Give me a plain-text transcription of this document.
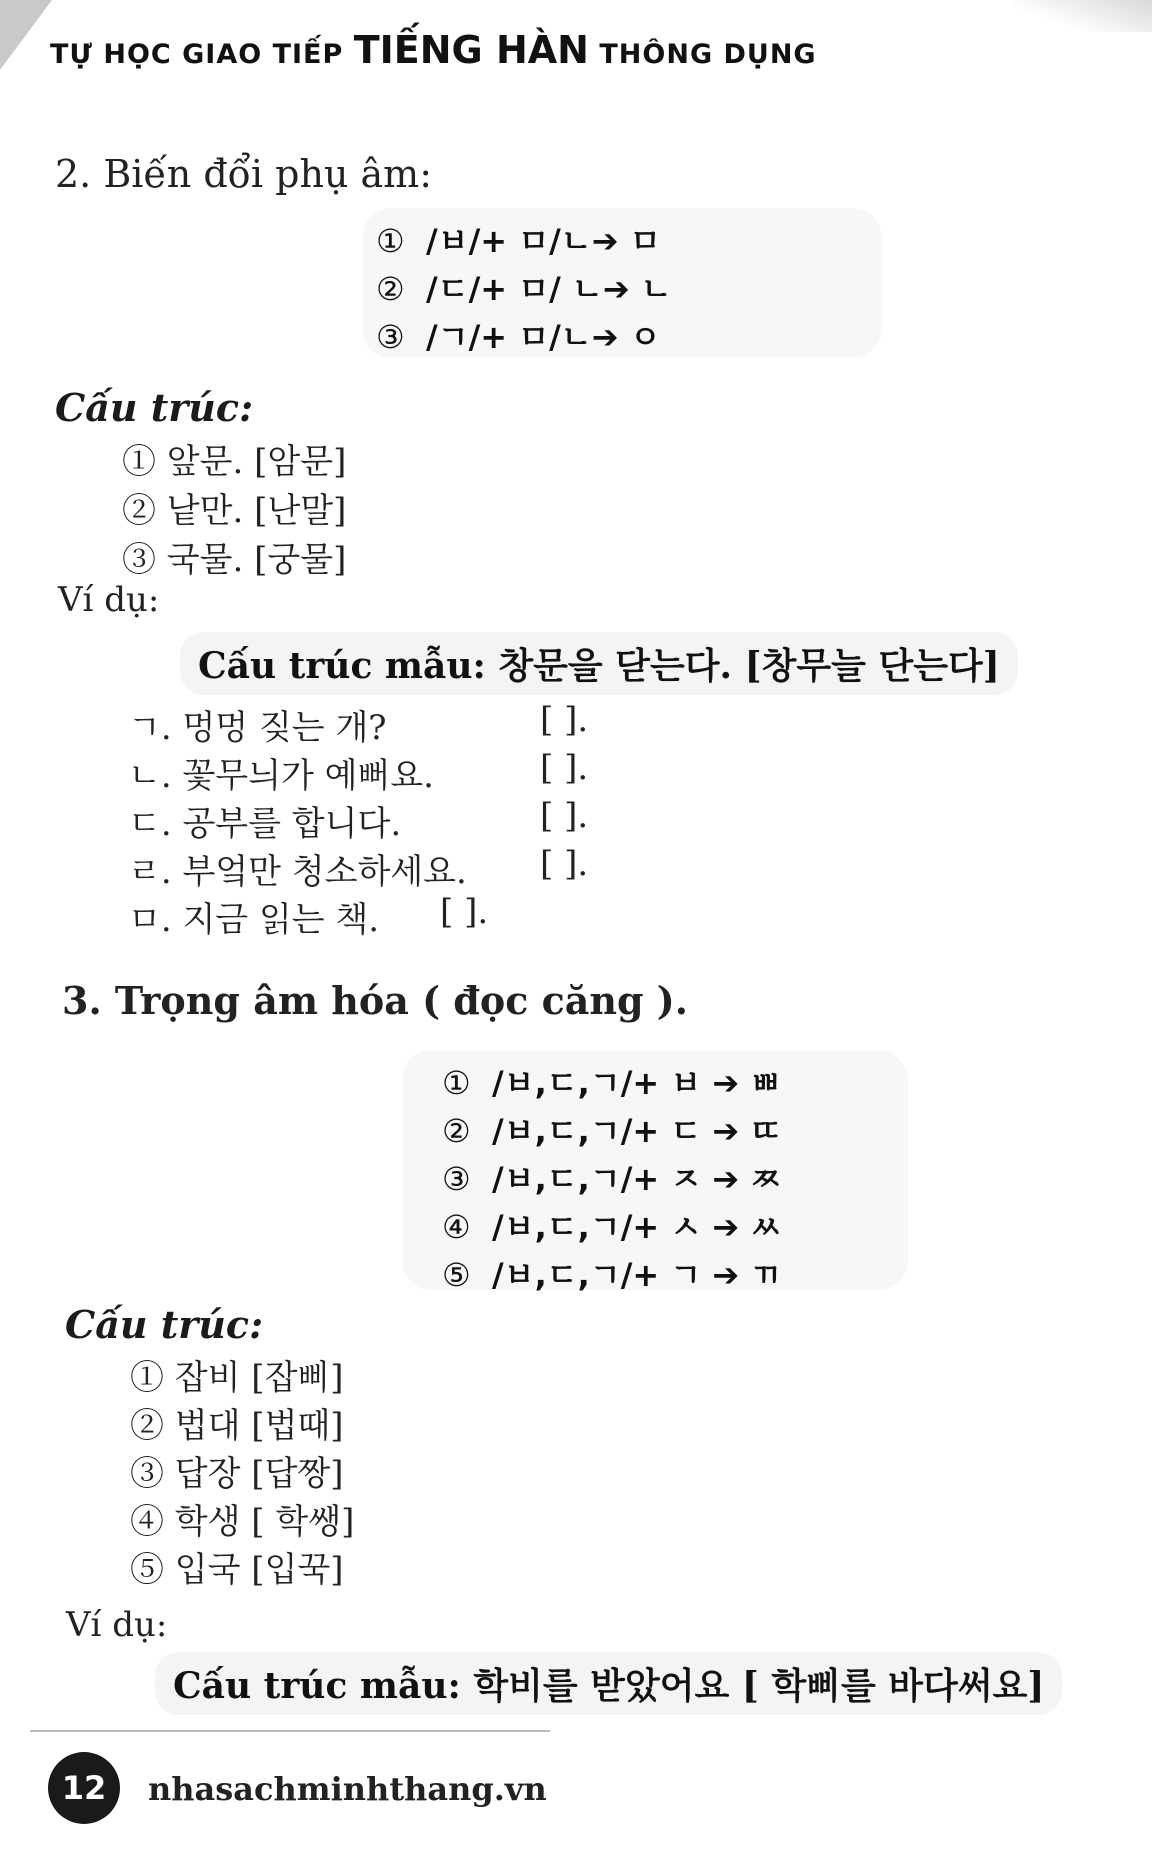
TỰ HỌC GIAO TIẾP TIẾNG HÀN THÔNG DỤNG
2. Biến đổi phụ âm:
① /ㅂ/+ ㅁ/ㄴ➔ ㅁ
② /ㄷ/+ ㅁ/ ㄴ➔ ㄴ
③ /ㄱ/+ ㅁ/ㄴ➔ ㅇ
Cấu trúc:
① 앞문. [암문]
② 낱만. [난말]
③ 국물. [궁물]
Ví dụ:
Cấu trúc mẫu: 창문을 닫는다. [창무늘 단는다]
ㄱ. 멍멍 짖는 개?	[ ].
ㄴ. 꽃무늬가 예뻐요.	[ ].
ㄷ. 공부를 합니다.	[ ].
ㄹ. 부엌만 청소하세요. [ ].
ㅁ. 지금 읽는 책. [ ].
3. Trọng âm hóa ( đọc căng ).
① /ㅂ,ㄷ,ㄱ/+ ㅂ ➔ ㅃ
② /ㅂ,ㄷ,ㄱ/+ ㄷ ➔ ㄸ
③ /ㅂ,ㄷ,ㄱ/+ ㅈ ➔ ㅉ
④ /ㅂ,ㄷ,ㄱ/+ ㅅ ➔ ㅆ
⑤ /ㅂ,ㄷ,ㄱ/+ ㄱ ➔ ㄲ
Cấu trúc:
① 잡비 [잡삐]
② 법대 [법때]
③ 답장 [답짱]
④ 학생 [ 학쌩]
⑤ 입국 [입꾹]
Ví dụ:
Cấu trúc mẫu: 학비를 받았어요 [ 학삐를 바다써요]
12	nhasachminhthang.vn
